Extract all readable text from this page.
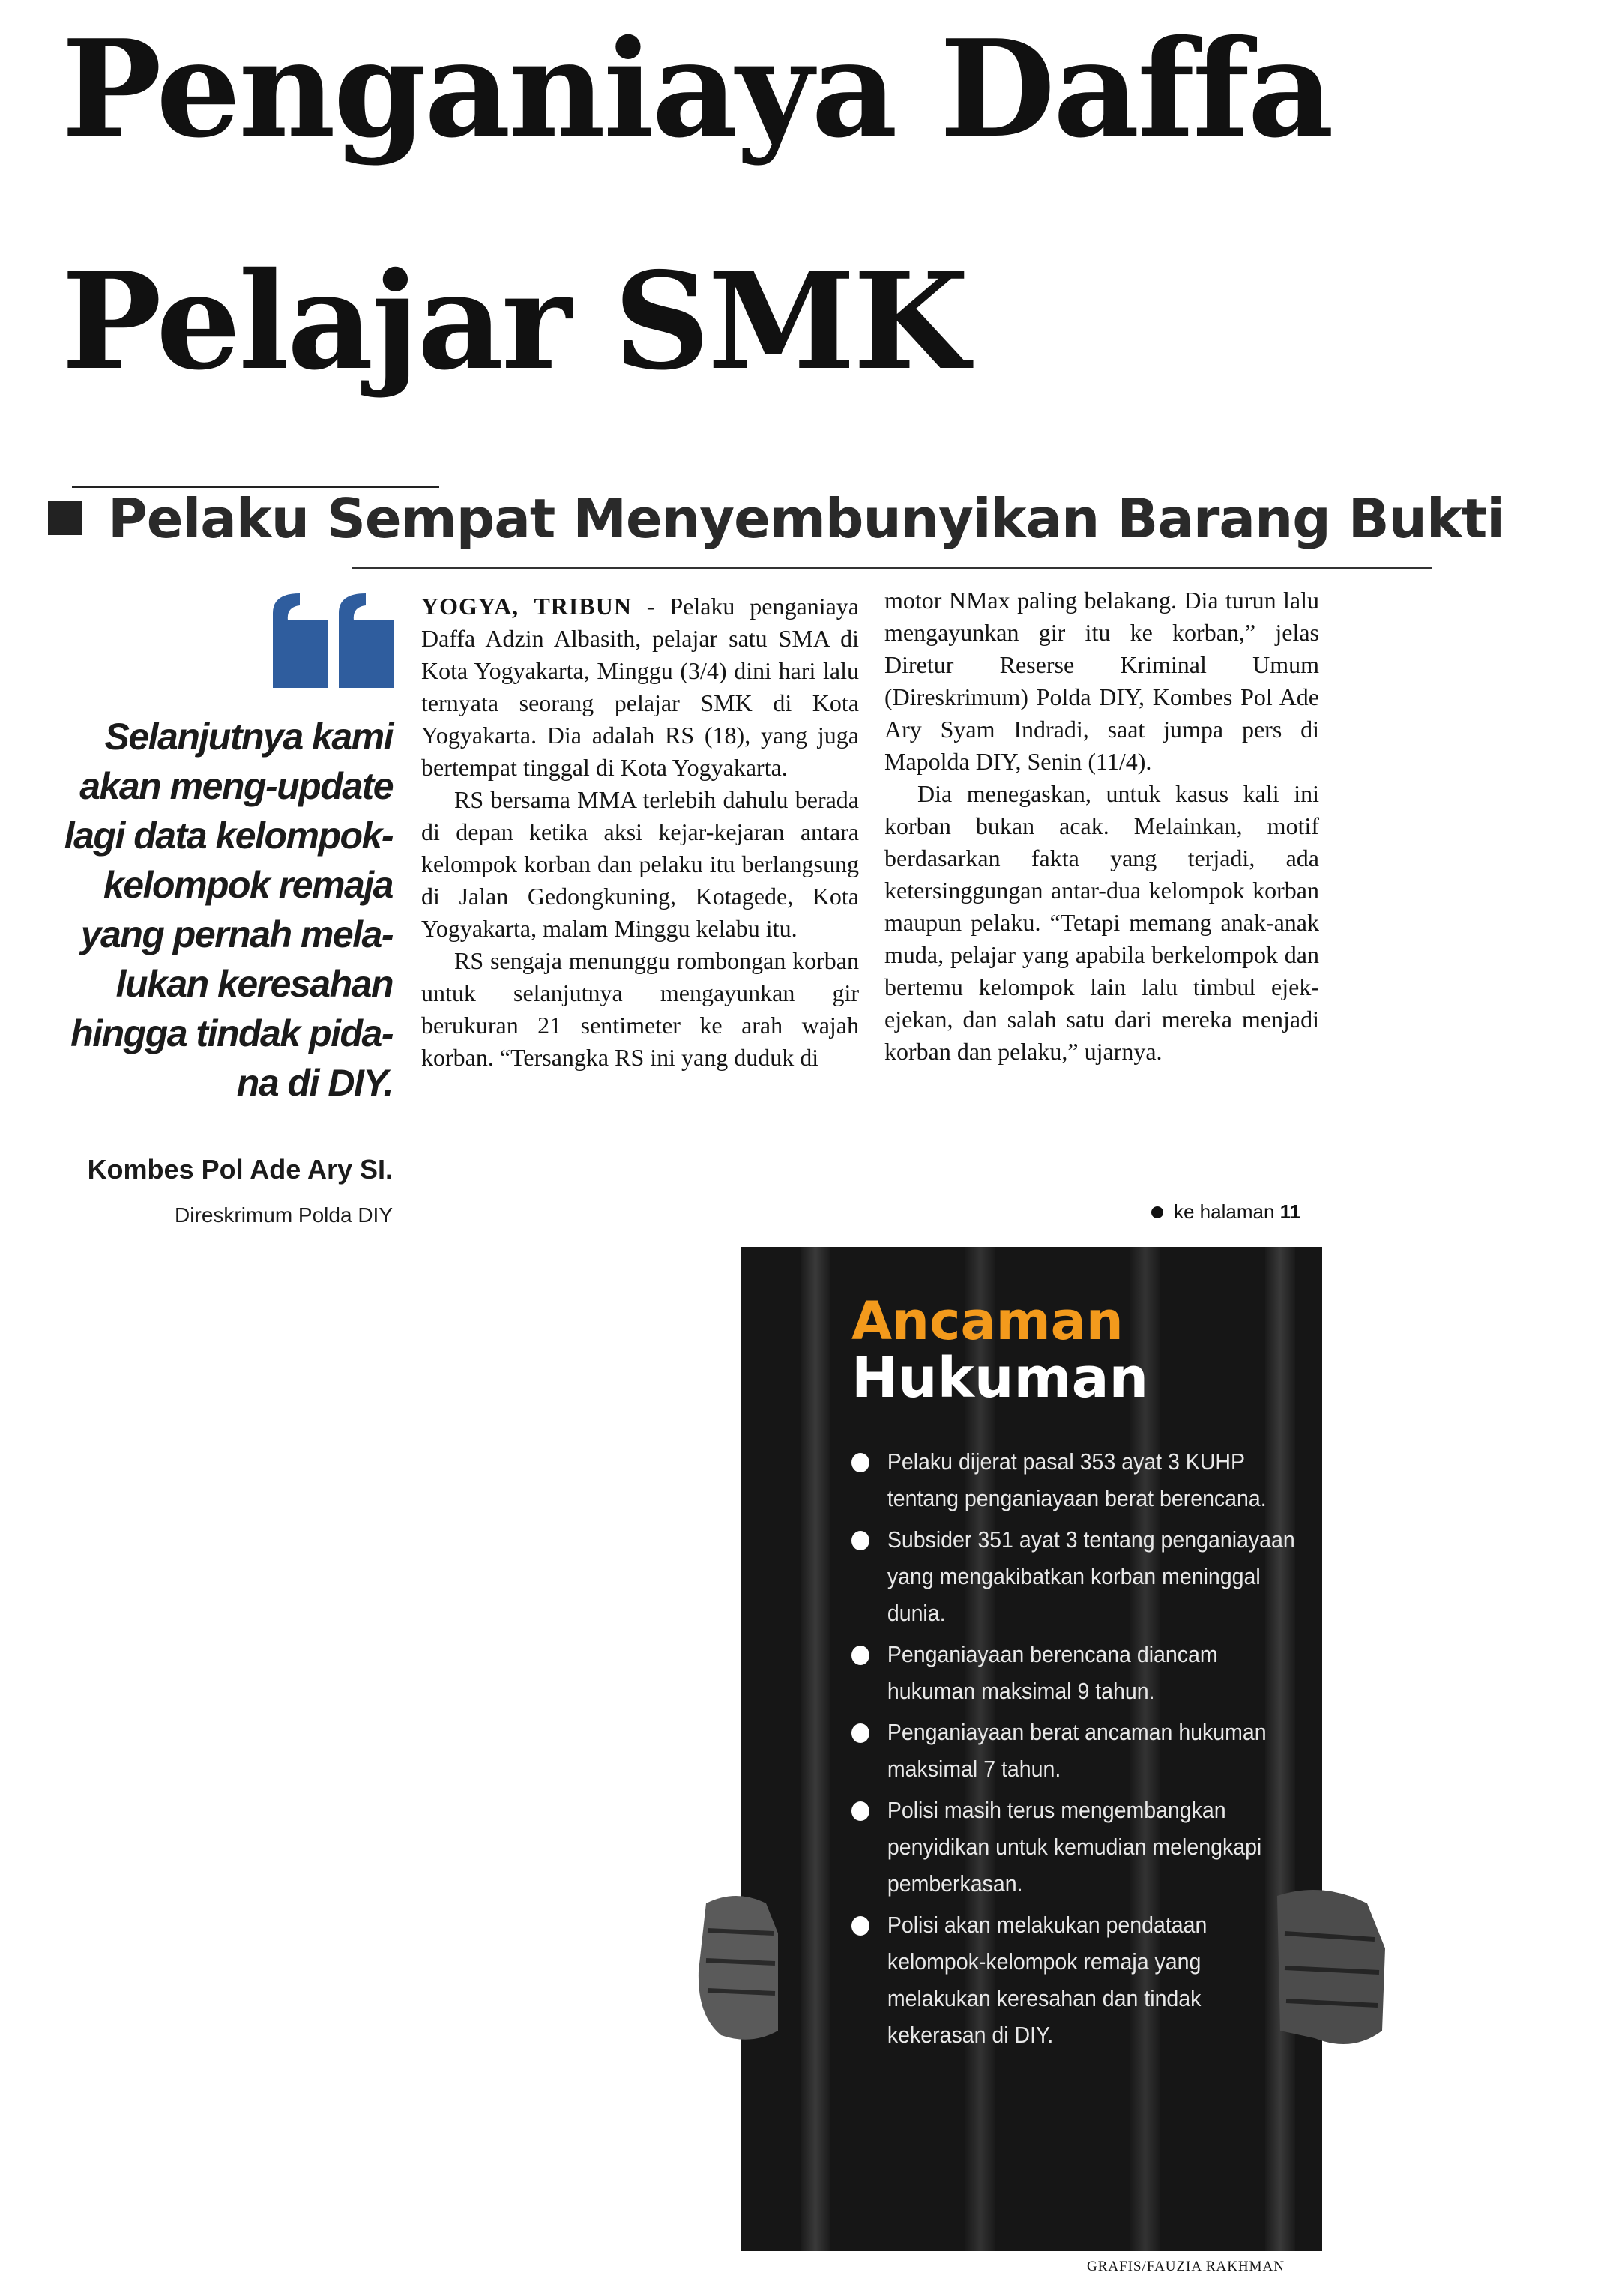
Penganiaya Daffa
Pelajar SMK
Pelaku Sempat Menyembunyikan Barang Bukti
Selanjutnya kami
akan meng-update
lagi data kelompok-
kelompok remaja
yang pernah mela-
lukan keresahan
hingga tindak pida-
na di DIY.

Kombes Pol Ade Ary SI.

Direskrimum Polda DIY

YOGYA, TRIBUN - Pelaku penganiaya Daffa Adzin Albasith, pelajar satu SMA di Kota Yogyakarta, Minggu (3/4) dini hari lalu ternyata seorang pelajar SMK di Kota Yogyakarta. Dia adalah RS (18), yang juga bertempat tinggal di Kota Yogyakarta.

RS bersama MMA terlebih dahulu berada di depan ketika aksi kejar-kejaran antara kelompok korban dan pelaku itu berlangsung di Jalan Gedongkuning, Kotagede, Kota Yogyakarta, malam Minggu kelabu itu.

RS sengaja menunggu rombongan korban untuk selanjutnya mengayunkan gir berukuran 21 sentimeter ke arah wajah korban. “Tersangka RS ini yang duduk di

motor NMax paling belakang. Dia turun lalu mengayunkan gir itu ke korban,” jelas Diretur Reserse Kriminal Umum (Direskrimum) Polda DIY, Kombes Pol Ade Ary Syam Indradi, saat jumpa pers di Mapolda DIY, Senin (11/4).

Dia menegaskan, untuk kasus kali ini korban bukan acak. Melainkan, motif berdasarkan fakta yang terjadi, ada ketersinggungan antar-dua kelompok korban maupun pelaku. “Tetapi memang anak-anak muda, pelajar yang apabila berkelompok dan bertemu kelompok lain lalu timbul ejek-ejekan, dan salah satu dari mereka menjadi korban dan pelaku,” ujarnya.

ke halaman 11

Ancaman
Hukuman
Pelaku dijerat pasal 353 ayat 3 KUHP tentang penganiayaan berat berencana.
Subsider 351 ayat 3 tentang penganiayaan yang mengakibatkan korban meninggal dunia.
Penganiayaan berencana diancam hukuman maksimal 9 tahun.
Penganiayaan berat ancaman hukuman maksimal 7 tahun.
Polisi masih terus mengembangkan penyidikan untuk kemudian melengkapi pemberkasan.
Polisi akan melakukan pendataan kelompok-kelompok remaja yang melakukan keresahan dan tindak kekerasan di DIY.

GRAFIS/FAUZIA RAKHMAN
